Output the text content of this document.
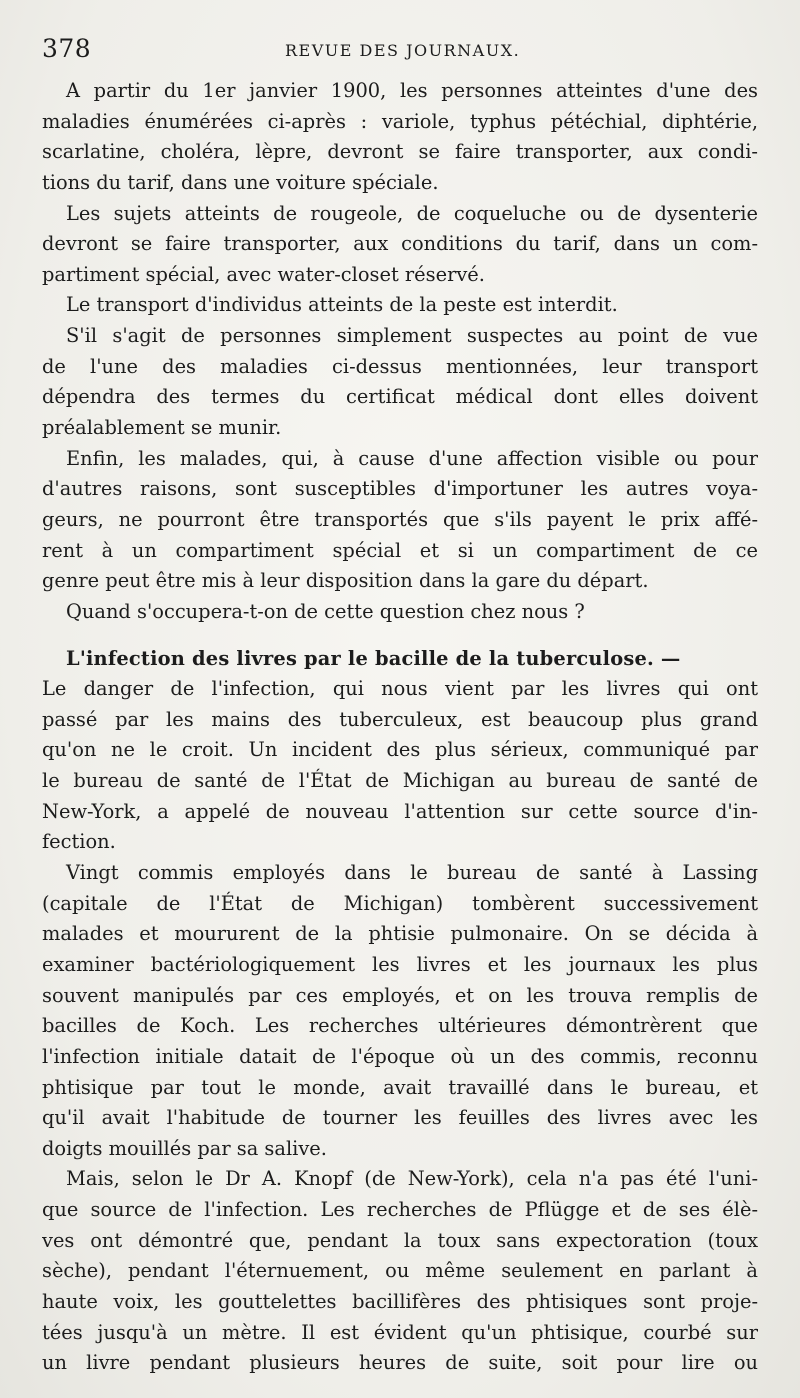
378	REVUE DES JOURNAUX.

A partir du 1er janvier 1900, les personnes atteintes d'une des
maladies énumérées ci-après : variole, typhus pétéchial, diphtérie,
scarlatine, choléra, lèpre, devront se faire transporter, aux condi-
tions du tarif, dans une voiture spéciale.

Les sujets atteints de rougeole, de coqueluche ou de dysenterie
devront se faire transporter, aux conditions du tarif, dans un com-
partiment spécial, avec water-closet réservé.

Le transport d'individus atteints de la peste est interdit.

S'il s'agit de personnes simplement suspectes au point de vue
de l'une des maladies ci-dessus mentionnées, leur transport
dépendra des termes du certificat médical dont elles doivent
préalablement se munir.

Enfin, les malades, qui, à cause d'une affection visible ou pour
d'autres raisons, sont susceptibles d'importuner les autres voya-
geurs, ne pourront être transportés que s'ils payent le prix affé-
rent à un compartiment spécial et si un compartiment de ce
genre peut être mis à leur disposition dans la gare du départ.

Quand s'occupera-t-on de cette question chez nous ?

L'infection des livres par le bacille de la tuberculose. —

Le danger de l'infection, qui nous vient par les livres qui ont
passé par les mains des tuberculeux, est beaucoup plus grand
qu'on ne le croit. Un incident des plus sérieux, communiqué par
le bureau de santé de l'État de Michigan au bureau de santé de
New-York, a appelé de nouveau l'attention sur cette source d'in-
fection.

Vingt commis employés dans le bureau de santé à Lassing
(capitale de l'État de Michigan) tombèrent successivement
malades et moururent de la phtisie pulmonaire. On se décida à
examiner bactériologiquement les livres et les journaux les plus
souvent manipulés par ces employés, et on les trouva remplis de
bacilles de Koch. Les recherches ultérieures démontrèrent que
l'infection initiale datait de l'époque où un des commis, reconnu
phtisique par tout le monde, avait travaillé dans le bureau, et
qu'il avait l'habitude de tourner les feuilles des livres avec les
doigts mouillés par sa salive.

Mais, selon le Dr A. Knopf (de New-York), cela n'a pas été l'uni-
que source de l'infection. Les recherches de Pflügge et de ses élè-
ves ont démontré que, pendant la toux sans expectoration (toux
sèche), pendant l'éternuement, ou même seulement en parlant à
haute voix, les gouttelettes bacillifères des phtisiques sont proje-
tées jusqu'à un mètre. Il est évident qu'un phtisique, courbé sur
un livre pendant plusieurs heures de suite, soit pour lire ou
